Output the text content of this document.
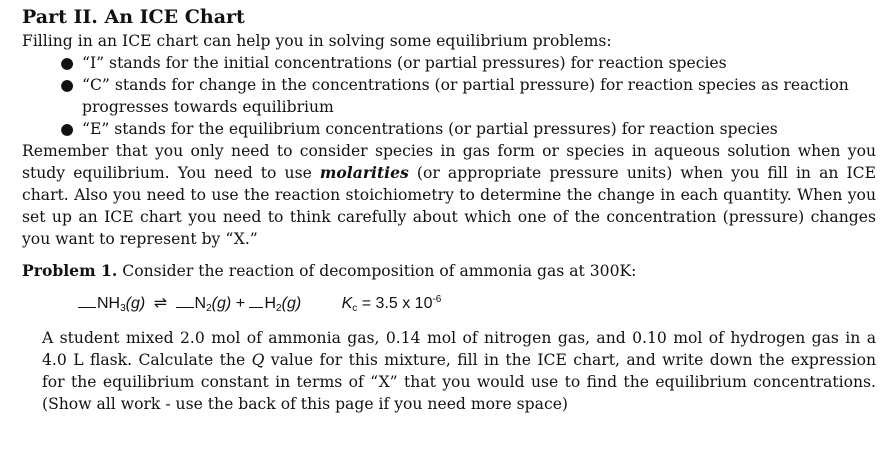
Part II. An ICE Chart

Filling in an ICE chart can help you in solving some equilibrium problems:

● “I” stands for the initial concentrations (or partial pressures) for reaction species
● “C” stands for change in the concentrations (or partial pressure) for reaction species as reaction progresses towards equilibrium
● “E” stands for the equilibrium concentrations (or partial pressures) for reaction species

Remember that you only need to consider species in gas form or species in aqueous solution when you study equilibrium. You need to use molarities (or appropriate pressure units) when you fill in an ICE chart. Also you need to use the reaction stoichiometry to determine the change in each quantity. When you set up an ICE chart you need to think carefully about which one of the concentration (pressure) changes you want to represent by “X.”

Problem 1. Consider the reaction of decomposition of ammonia gas at 300K:

$NH_3(g)$ ⇌ $N_2(g) + H_2(g)$	$K_c = 3.5$ x $10^{-6}$

A student mixed 2.0 mol of ammonia gas, 0.14 mol of nitrogen gas, and 0.10 mol of hydrogen gas in a 4.0 L flask. Calculate the Q value for this mixture, fill in the ICE chart, and write down the expression for the equilibrium constant in terms of “X” that you would use to find the equilibrium concentrations. (Show all work - use the back of this page if you need more space)
